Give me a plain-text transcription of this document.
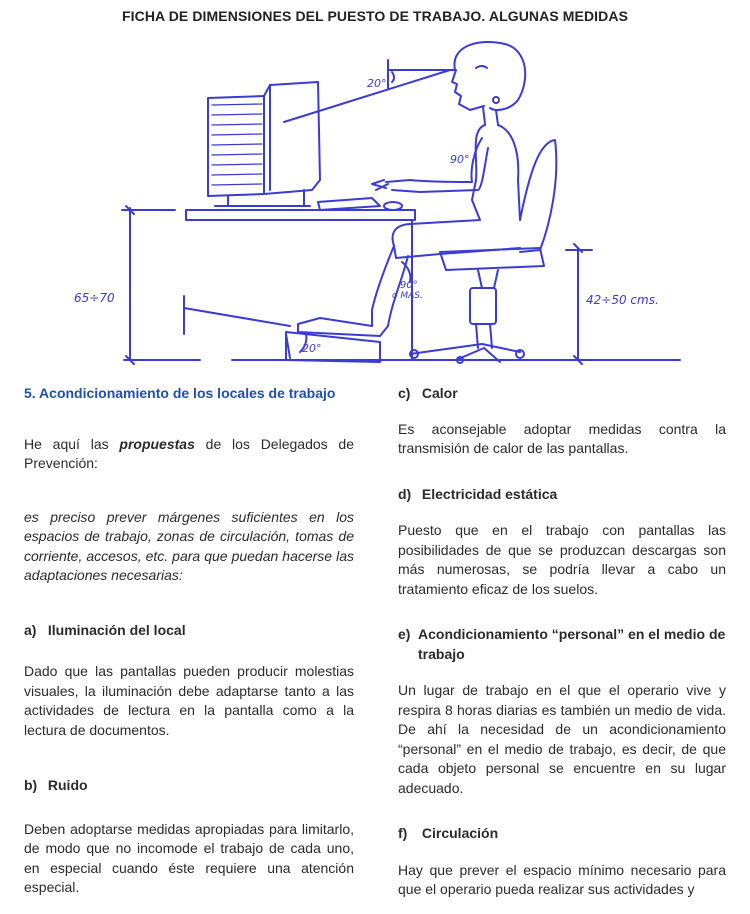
FICHA DE DIMENSIONES DEL PUESTO DE TRABAJO. ALGUNAS MEDIDAS
20°
90°
90°
o MAS.
20°
65÷70	42÷50 cms.

5. Acondicionamiento de los locales de trabajo

He aquí las propuestas de los Delegados de Prevención:

es preciso prever márgenes suficientes en los espacios de trabajo, zonas de circulación, tomas de corriente, accesos, etc. para que puedan hacerse las adaptaciones necesarias:

a) Iluminación del local

Dado que las pantallas pueden producir molestias visuales, la iluminación debe adaptarse tanto a las actividades de lectura en la pantalla como a la lectura de documentos.

b) Ruido

Deben adoptarse medidas apropiadas para limitarlo, de modo que no incomode el trabajo de cada uno, en especial cuando éste requiere una atención especial.

c) Calor

Es aconsejable adoptar medidas contra la transmisión de calor de las pantallas.

d) Electricidad estática

Puesto que en el trabajo con pantallas las posibilidades de que se produzcan descargas son más numerosas, se podría llevar a cabo un tratamiento eficaz de los suelos.

e) Acondicionamiento “personal” en el medio de trabajo

Un lugar de trabajo en el que el operario vive y respira 8 horas diarias es también un medio de vida. De ahí la necesidad de un acondicionamiento “personal” en el medio de trabajo, es decir, de que cada objeto personal se encuentre en su lugar adecuado.

f) Circulación

Hay que prever el espacio mínimo necesario para que el operario pueda realizar sus actividades y
